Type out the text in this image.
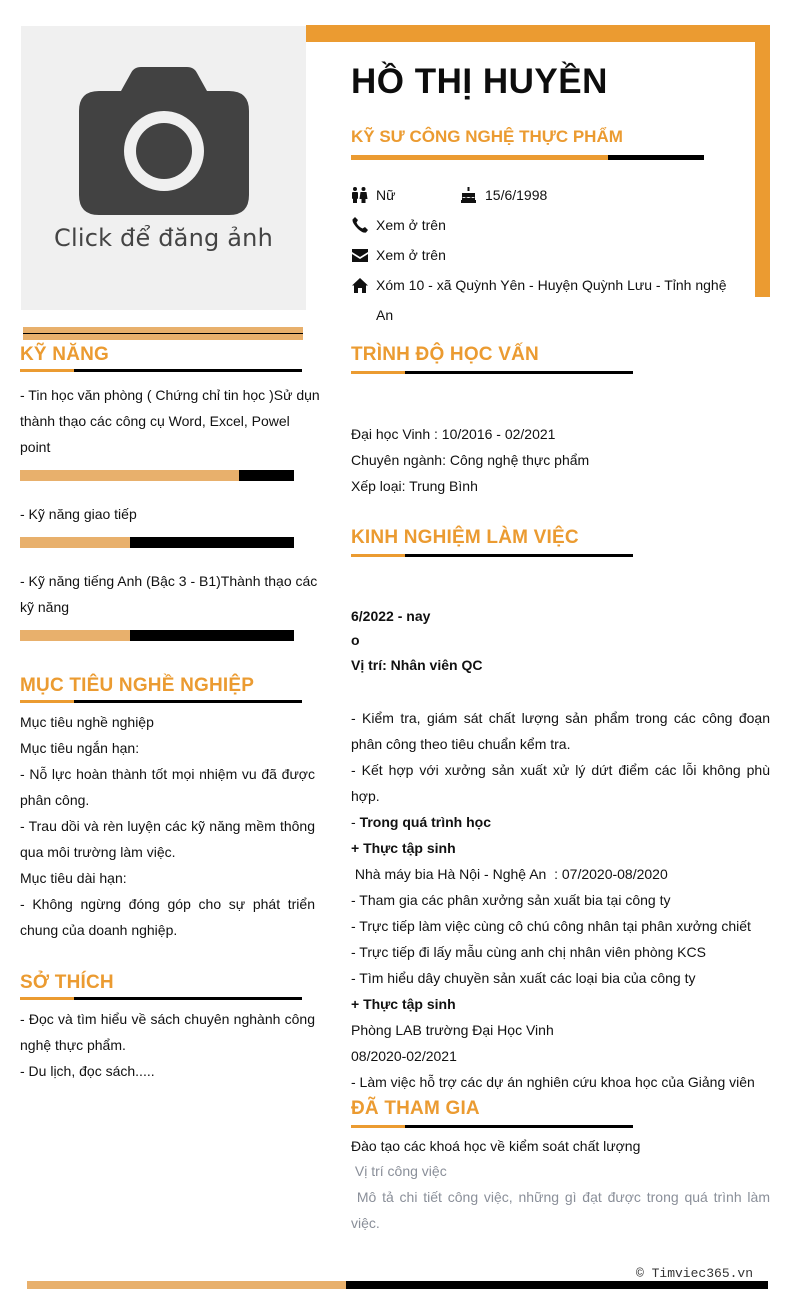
Click để đăng ảnh
HỒ THỊ HUYỀN
KỸ SƯ CÔNG NGHỆ THỰC PHẨM
Nữ	15/6/1998
Xem ở trên
Xem ở trên
Xóm 10 - xã Quỳnh Yên - Huyện Quỳnh Lưu - Tỉnh nghệ
An
KỸ NĂNG
- Tin học văn phòng ( Chứng chỉ tin học )Sử dụn
thành thạo các công cụ Word, Excel, Powel
point
- Kỹ năng giao tiếp
- Kỹ năng tiếng Anh (Bậc 3 - B1)Thành thạo các
kỹ năng
MỤC TIÊU NGHỀ NGHIỆP
Mục tiêu nghề nghiệp
Mục tiêu ngắn hạn:
- Nỗ lực hoàn thành tốt mọi nhiệm vu đã được phân công.
- Trau dồi và rèn luyện các kỹ năng mềm thông qua môi trường làm việc.
Mục tiêu dài hạn:
- Không ngừng đóng góp cho sự phát triển chung của doanh nghiệp.
SỞ THÍCH
- Đọc và tìm hiểu về sách chuyên nghành công nghệ thực phẩm.
- Du lịch, đọc sách.....
TRÌNH ĐỘ HỌC VẤN
Đại học Vinh : 10/2016 - 02/2021
Chuyên ngành: Công nghệ thực phẩm
Xếp loại: Trung Bình
KINH NGHIỆM LÀM VIỆC
6/2022 - nay
o
Vị trí: Nhân viên QC
- Kiểm tra, giám sát chất lượng sản phẩm trong các công đoạn phân công theo tiêu chuẩn kểm tra.
- Kết hợp với xưởng sản xuất xử lý dứt điểm các lỗi không phù hợp.
- Trong quá trình học
+ Thực tập sinh
Nhà máy bia Hà Nội - Nghệ An  : 07/2020-08/2020
- Tham gia các phân xưởng sản xuất bia tại công ty
- Trực tiếp làm việc cùng cô chú công nhân tại phân xưởng chiết
- Trực tiếp đi lấy mẫu cùng anh chị nhân viên phòng KCS
- Tìm hiểu dây chuyền sản xuất các loại bia của công ty
+ Thực tập sinh
Phòng LAB trường Đại Học Vinh
08/2020-02/2021
- Làm việc hỗ trợ các dự án nghiên cứu khoa học của Giảng viên
ĐÃ THAM GIA
Đào tạo các khoá học về kiểm soát chất lượng
Vị trí công việc
Mô tả chi tiết công việc, những gì đạt được trong quá trình làm việc.
© Timviec365.vn
